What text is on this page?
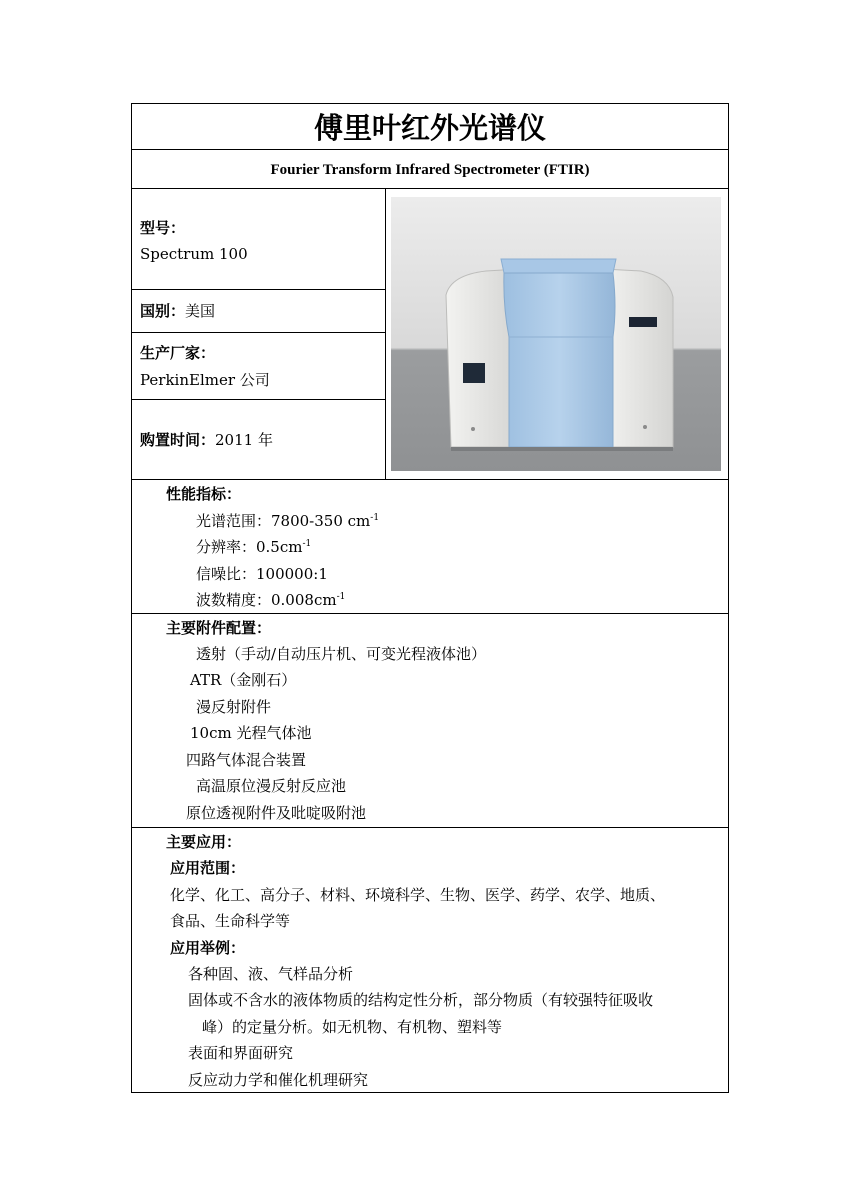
傅里叶红外光谱仪
Fourier Transform Infrared Spectrometer (FTIR)
型号：
Spectrum 100
国别：美国
生产厂家：
PerkinElmer 公司
购置时间：2011 年
性能指标：
光谱范围：7800-350 $cm^{-1}$
分辨率：$0.5cm^{-1}$
信噪比：100000:1
波数精度：$0.008cm^{-1}$
主要附件配置：
透射（手动/自动压片机、可变光程液体池）
ATR（金刚石）
漫反射附件
10cm 光程气体池
四路气体混合装置
高温原位漫反射反应池
原位透视附件及吡啶吸附池
主要应用：
应用范围：
化学、化工、高分子、材料、环境科学、生物、医学、药学、农学、地质、
食品、生命科学等
应用举例：
各种固、液、气样品分析
固体或不含水的液体物质的结构定性分析，部分物质（有较强特征吸收
峰）的定量分析。如无机物、有机物、塑料等
表面和界面研究
反应动力学和催化机理研究
